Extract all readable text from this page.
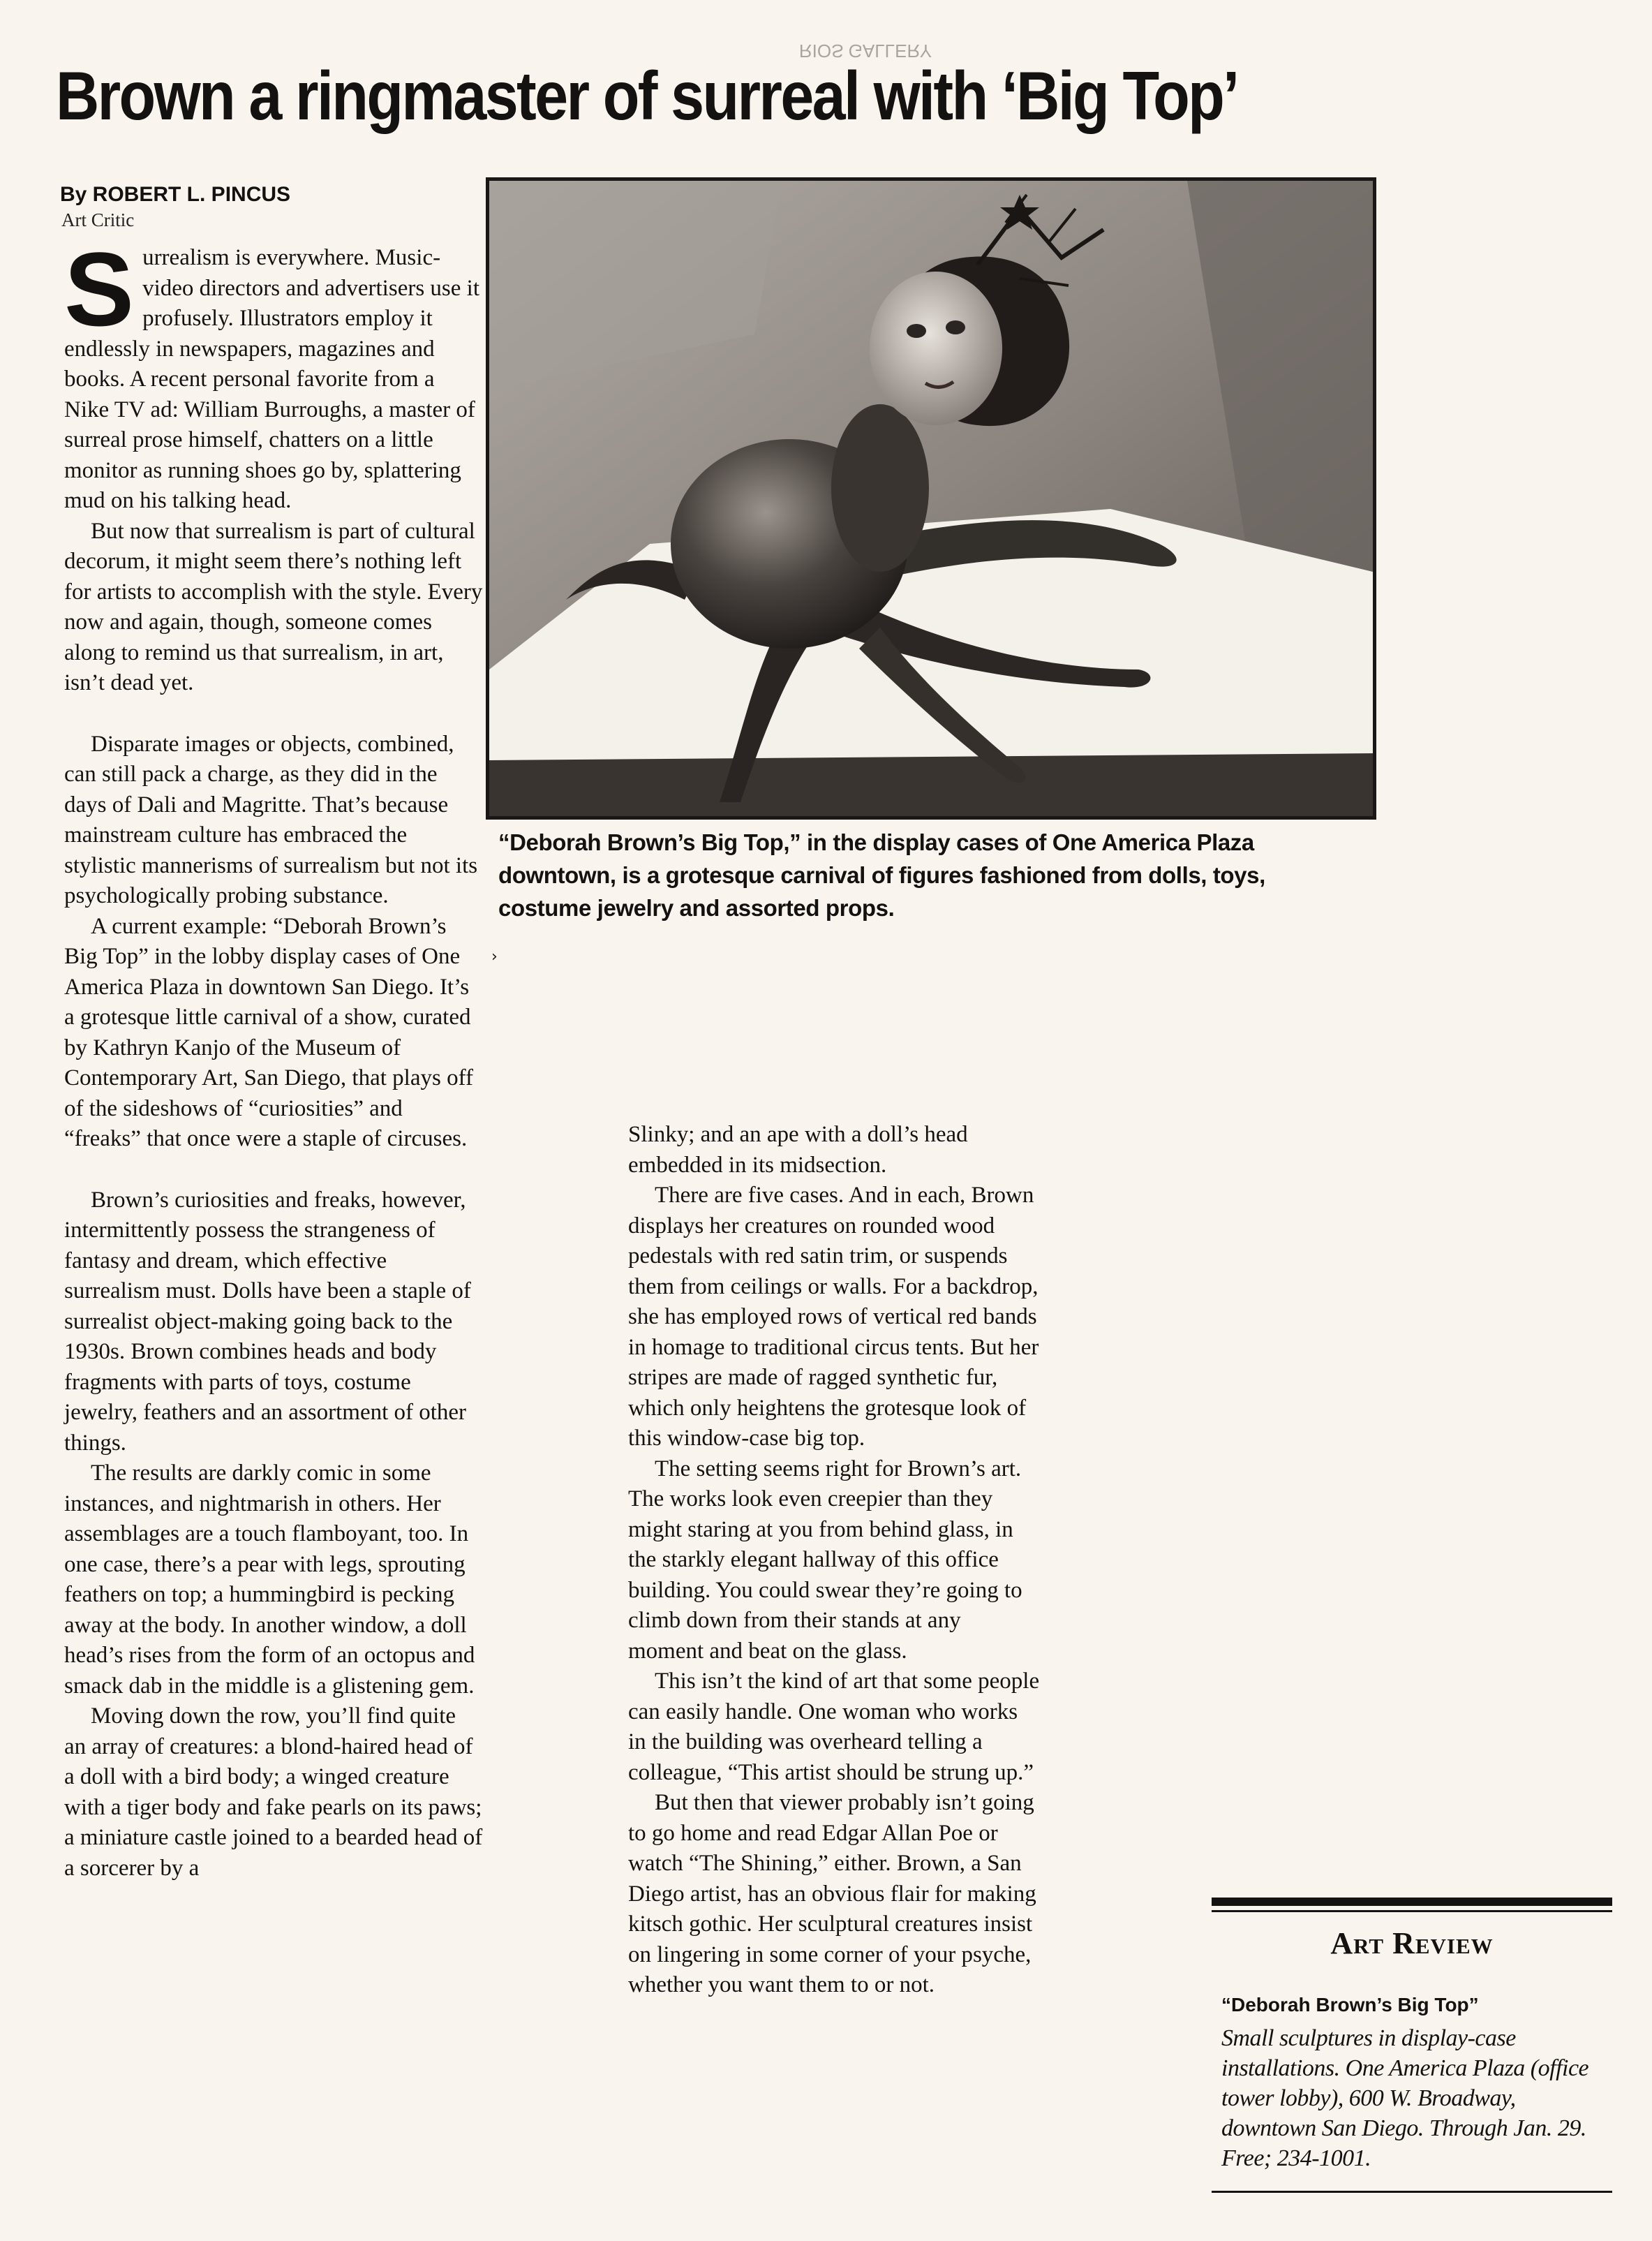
RIOS GALLERY
Brown a ringmaster of surreal with ‘Big Top’
By ROBERT L. PINCUS
Art Critic
S urrealism is everywhere. Music-video directors and advertisers use it profusely. Illustrators employ it endlessly in newspapers, magazines and books. A recent personal favorite from a Nike TV ad: William Burroughs, a master of surreal prose himself, chatters on a little monitor as running shoes go by, splattering mud on his talking head.

But now that surrealism is part of cultural decorum, it might seem there’s nothing left for artists to accomplish with the style. Every now and again, though, someone comes along to remind us that surrealism, in art, isn’t dead yet.

Disparate images or objects, combined, can still pack a charge, as they did in the days of Dali and Magritte. That’s because mainstream culture has embraced the stylistic mannerisms of surrealism but not its psychologically probing substance.

A current example: “Deborah Brown’s Big Top” in the lobby display cases of One America Plaza in downtown San Diego. It’s a grotesque little carnival of a show, curated by Kathryn Kanjo of the Museum of Contemporary Art, San Diego, that plays off of the sideshows of “curiosities” and “freaks” that once were a staple of circuses.

Brown’s curiosities and freaks, however, intermittently possess the strangeness of fantasy and dream, which effective surrealism must. Dolls have been a staple of surrealist object-making going back to the 1930s. Brown combines heads and body fragments with parts of toys, costume jewelry, feathers and an assortment of other things.

The results are darkly comic in some instances, and nightmarish in others. Her assemblages are a touch flamboyant, too. In one case, there’s a pear with legs, sprouting feathers on top; a hummingbird is pecking away at the body. In another window, a doll head’s rises from the form of an octopus and smack dab in the middle is a glistening gem.

Moving down the row, you’ll find quite an array of creatures: a blond-haired head of a doll with a bird body; a winged creature with a tiger body and fake pearls on its paws; a miniature castle joined to a bearded head of a sorcerer by a

“Deborah Brown’s Big Top,” in the display cases of One America Plaza downtown, is a grotesque carnival of figures fashioned from dolls, toys, costume jewelry and assorted props.

Slinky; and an ape with a doll’s head embedded in its midsection.

There are five cases. And in each, Brown displays her creatures on rounded wood pedestals with red satin trim, or suspends them from ceilings or walls. For a backdrop, she has employed rows of vertical red bands in homage to traditional circus tents. But her stripes are made of ragged synthetic fur, which only heightens the grotesque look of this window-case big top.

The setting seems right for Brown’s art. The works look even creepier than they might staring at you from behind glass, in the starkly elegant hallway of this office building. You could swear they’re going to climb down from their stands at any moment and beat on the glass.

This isn’t the kind of art that some people can easily handle. One woman who works in the building was overheard telling a colleague, “This artist should be strung up.”

But then that viewer probably isn’t going to go home and read Edgar Allan Poe or watch “The Shining,” either. Brown, a San Diego artist, has an obvious flair for making kitsch gothic. Her sculptural creatures insist on lingering in some corner of your psyche, whether you want them to or not.

Art Review
“Deborah Brown’s Big Top”
Small sculptures in display-case installations. One America Plaza (office tower lobby), 600 W. Broadway, downtown San Diego. Through Jan. 29. Free; 234-1001.
›
